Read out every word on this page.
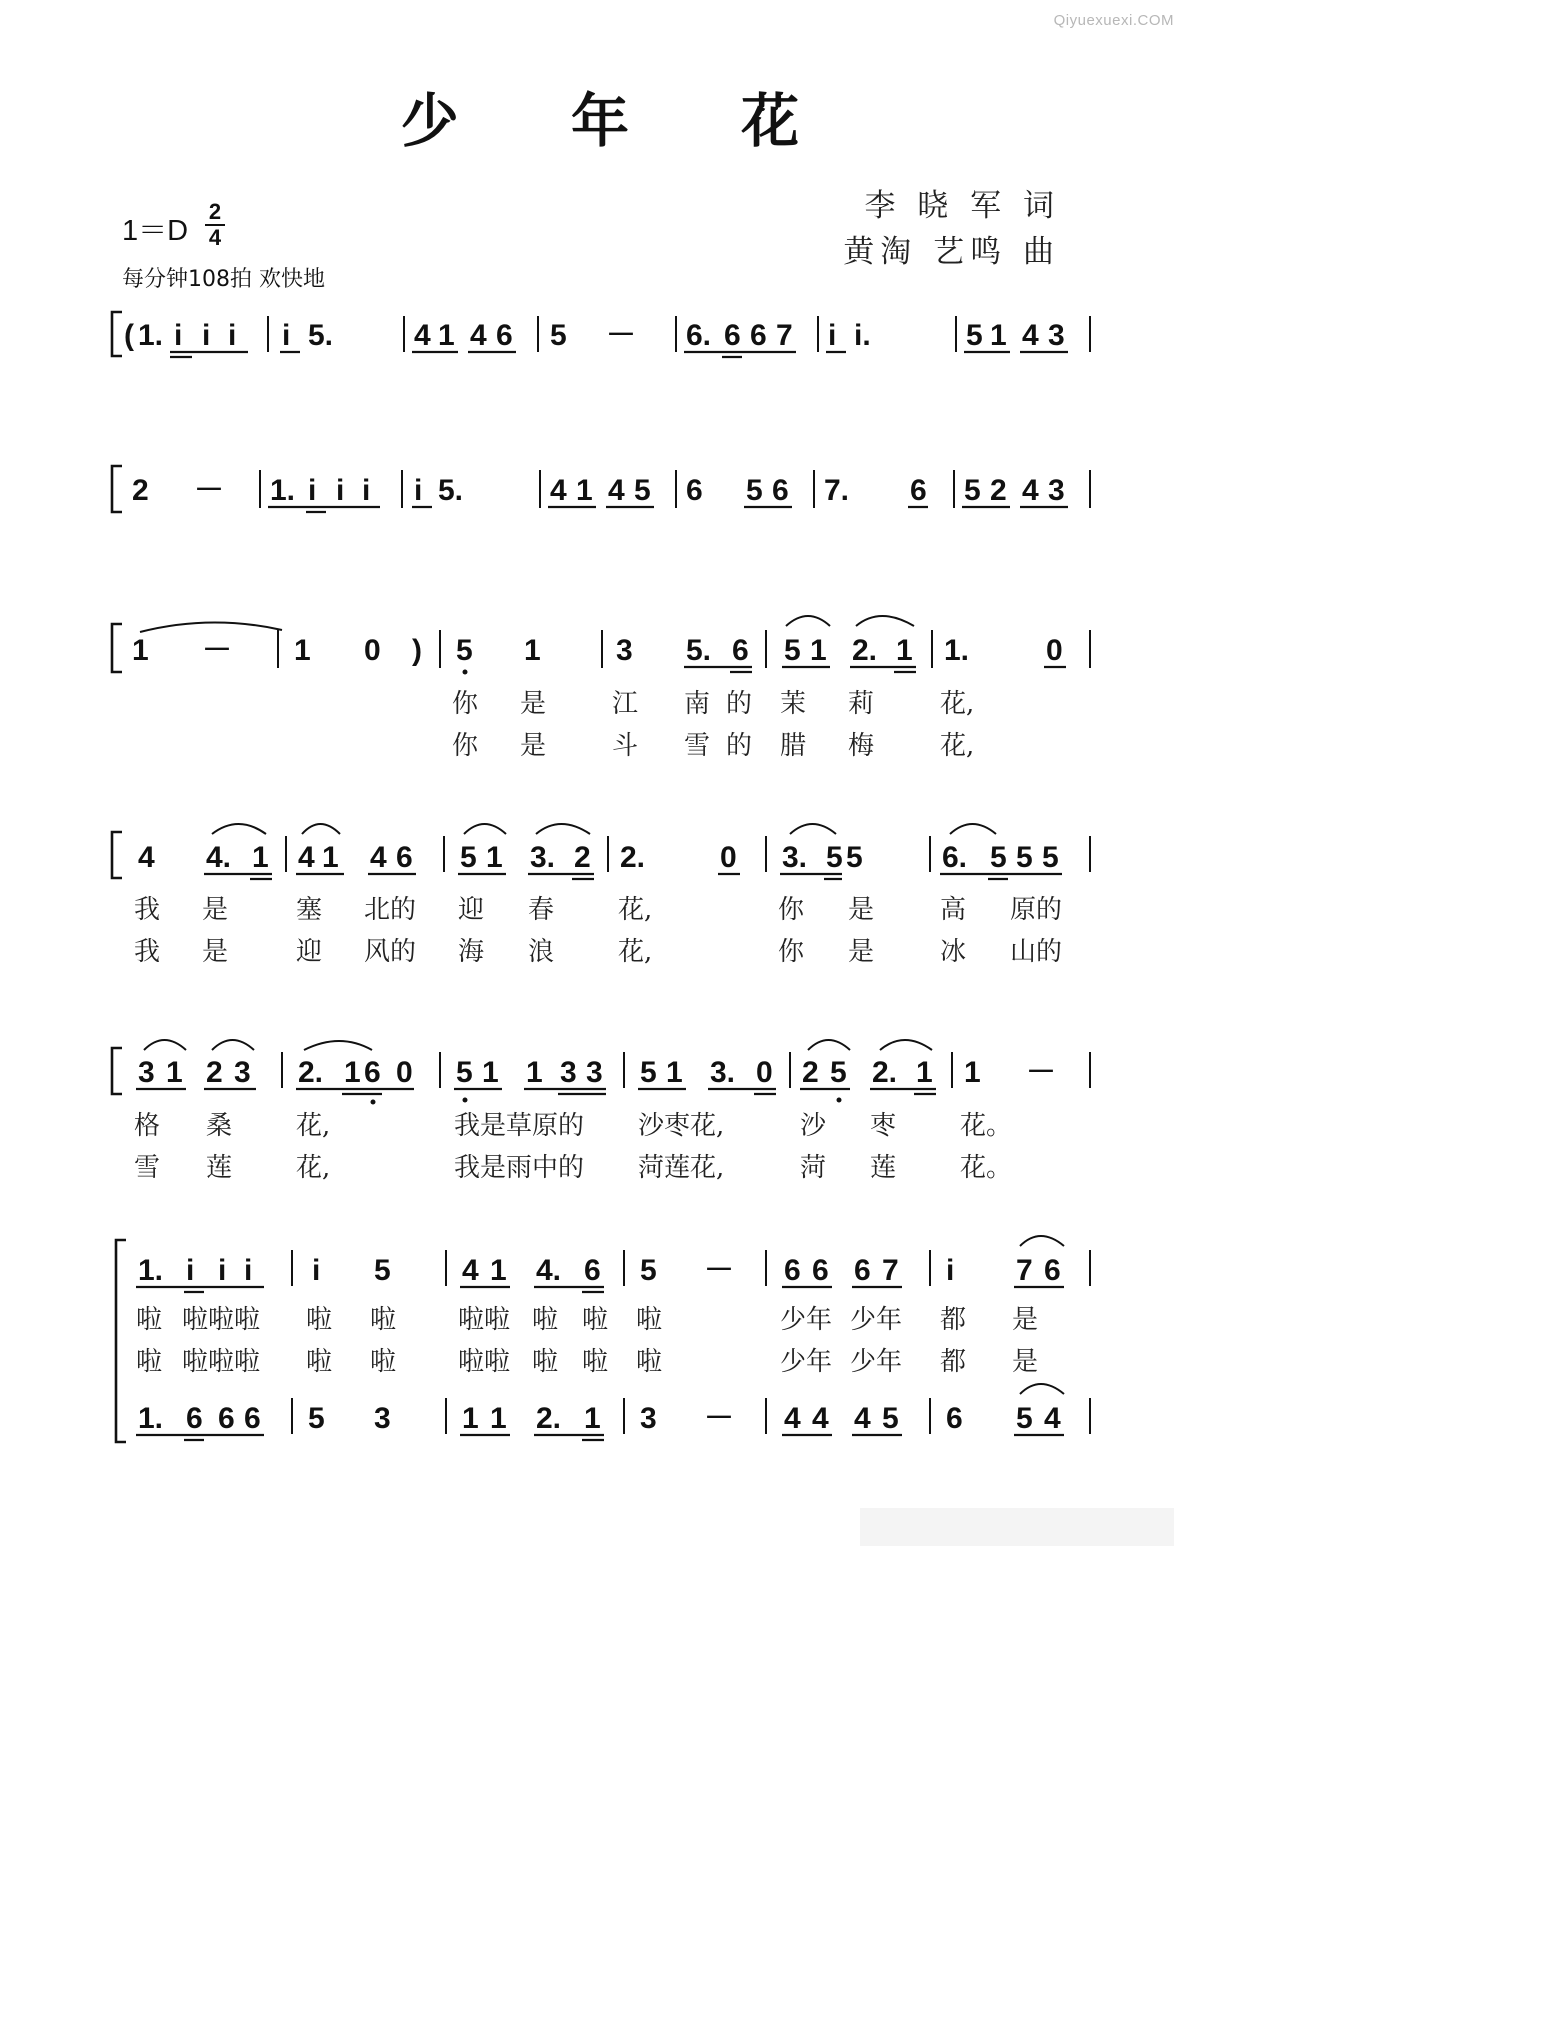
Qiyuexuexi.COM
少 年 花
李 晓 军 词
黄淘 艺鸣 曲
1＝D
2
4
每分钟108拍 欢快地
( 1. i i i i 5.	4 1 4 6 5 － 6. 6 6 7 i i.	5 1 4 3
2 － 1. i i i i 5.	4 1 4 5 6 5 6 7. 6 5 2 4 3
1 － 1 0 ) 5 1	3 5. 6 5 1 2. 1 1.	0
你 是	江 南 的 茉 莉	花,
你 是	斗 雪 的 腊 梅	花,
4 4. 1 4 1 4 6 5 1 3. 2 2. 0 3. 5 5	6. 5 5 5
我 是	塞 北的 迎 春 花,	你 是	高 原的
我 是	迎 风的 海 浪 花,	你 是	冰 山的
3 1 2 3 2. 1 6 0 5 1 1 3 3 5 1 3. 0 2 5 2. 1 1 －
格 桑 花,	我是草原的 沙枣花,	沙 枣 花。
雪 莲 花,	我是雨中的 菏莲花,	菏 莲 花。
1. i i i i 5 4 1 4. 6 5 － 6 6 6 7 i 7 6
啦 啦啦啦 啦 啦 啦啦 啦 啦 啦	少年 少年 都 是
啦 啦啦啦 啦 啦 啦啦 啦 啦 啦	少年 少年 都 是
1. 6 6 6 5 3 1 1 2. 1 3 － 4 4 4 5 6 5 4
